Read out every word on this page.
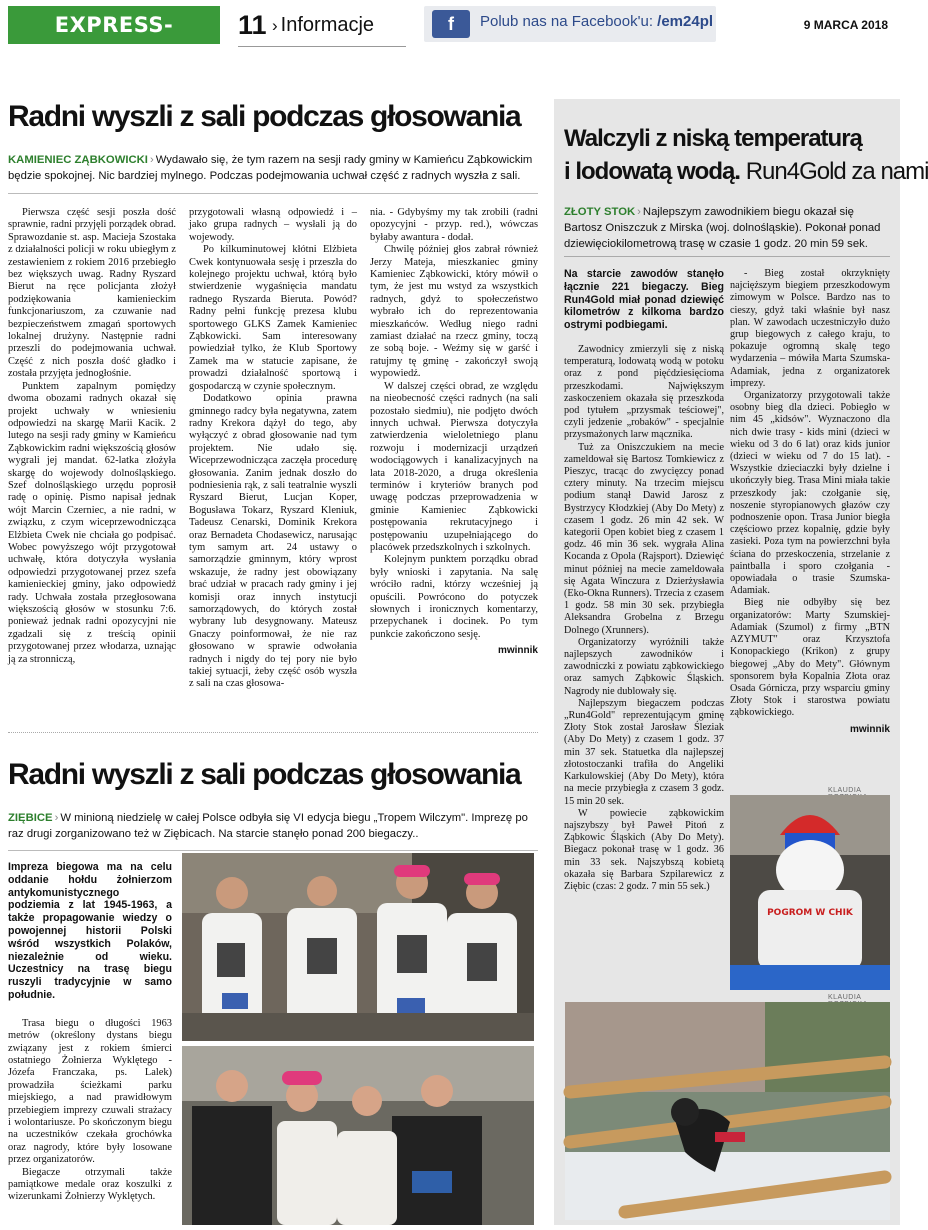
EXPRESS-MIEJSKI.PL
11 › Informacje	f	Polub nas na Facebook'u: /em24pl	9 MARCA 2018
Radni wyszli z sali podczas głosowania
KAMIENIEC ZĄBKOWICKI › Wydawało się, że tym razem na sesji rady gminy w Kamieńcu Ząbkowickim będzie spokojnej. Nic bardziej mylnego. Podczas podejmowania uchwał część z radnych wyszła z sali.

Pierwsza część sesji poszła dość sprawnie, radni przyjęli porządek obrad. Sprawozdanie st. asp. Macieja Szostaka z działalności policji w roku ubiegłym z zestawieniem z rokiem 2016 przebiegło bez większych uwag. Radny Ryszard Bierut na ręce policjanta złożył podziękowania kamienieckim funkcjonariuszom, za czuwanie nad bezpieczeństwem zmagań sportowych lokalnej drużyny. Następnie radni przeszli do podejmowania uchwał. Część z nich poszła dość gładko i została przyjęta jednogłośnie.

Punktem zapalnym pomiędzy dwoma obozami radnych okazał się projekt uchwały w wniesieniu odpowiedzi na skargę Marii Kacik. 2 lutego na sesji rady gminy w Kamieńcu Ząbkowickim radni większością głosów wygrali jej mandat. 62-latka złożyła skargę do wojewody dolnośląskiego. Szef dolnośląskiego urzędu poprosił radę o opinię. Pismo napisał jednak wójt Marcin Czerniec, a nie radni, w związku, z czym wiceprzewodnicząca Elżbieta Cwek nie chciała go podpisać. Wobec powyższego wójt przygotował uchwałę, która dotyczyła wysłania odpowiedzi przygotowanej przez szefa kamienieckiej gminy, jako odpowiedź rady. Uchwała została przegłosowana większością głosów w stosunku 7:6. ponieważ jednak radni opozycyjni nie zgadzali się z treścią opinii przygotowanej przez włodarza, uznając ją za stronniczą,

przygotowali własną odpowiedź i – jako grupa radnych – wysłali ją do wojewody.

Po kilkuminutowej kłótni Elżbieta Cwek kontynuowała sesję i przeszła do kolejnego projektu uchwał, którą było stwierdzenie wygaśnięcia mandatu radnego Ryszarda Bieruta. Powód? Radny pełni funkcję prezesa klubu sportowego GLKS Zamek Kamieniec Ząbkowicki. Sam interesowany powiedział tylko, że Klub Sportowy Zamek ma w statucie zapisane, że prowadzi działalność sportową i gospodarczą w czynie społecznym.

Dodatkowo opinia prawna gminnego radcy była negatywna, zatem radny Krekora dążył do tego, aby wyłączyć z obrad głosowanie nad tym projektem. Nie udało się. Wiceprzewodnicząca zaczęła procedurę głosowania. Zanim jednak doszło do podniesienia rąk, z sali teatralnie wyszli Ryszard Bierut, Lucjan Koper, Bogusława Tokarz, Ryszard Kleniuk, Tadeusz Cenarski, Dominik Krekora oraz Bernadeta Chodasewicz, narusając tym samym art. 24 ustawy o samorządzie gminnym, który wprost wskazuje, że radny jest obowiązany brać udział w pracach rady gminy i jej komisji oraz innych instytucji samorządowych, do których został wybrany lub desygnowany. Mateusz Gnaczy poinformował, że nie raz głosowano w sprawie odwołania radnych i nigdy do tej pory nie było takiej sytuacji, żeby część osób wyszła z sali na czas głosowa-

nia. - Gdybyśmy my tak zrobili (radni opozycyjni - przyp. red.), wówczas byłaby awantura - dodał.

Chwilę później głos zabrał również Jerzy Mateja, mieszkaniec gminy Kamieniec Ząbkowicki, który mówił o tym, że jest mu wstyd za wszystkich radnych, gdyż to społeczeństwo wybrało ich do reprezentowania mieszkańców. Według niego radni zamiast działać na rzecz gminy, toczą ze sobą boje. - Weźmy się w garść i ratujmy tę gminę - zakończył swoją wypowiedź.

W dalszej części obrad, ze względu na nieobecność części radnych (na sali pozostało siedmiu), nie podjęto dwóch innych uchwał. Pierwsza dotyczyła zatwierdzenia wieloletniego planu rozwoju i modernizacji urządzeń wodociągowych i kanalizacyjnych na lata 2018-2020, a druga określenia terminów i kryteriów branych pod uwagę podczas przeprowadzenia w gminie Kamieniec Ząbkowicki postępowania rekrutacyjnego i postępowaniu uzupełniającego do placówek przedszkolnych i szkolnych.

Kolejnym punktem porządku obrad były wnioski i zapytania. Na salę wróciło radni, którzy wcześniej ją opuścili. Powrócono do potyczek słownych i ironicznych komentarzy, przepychanek i docinek. Po tym punkcie zakończono sesję.

mwinnik

Radni wyszli z sali podczas głosowania
ZIĘBICE › W minioną niedzielę w całej Polsce odbyła się VI edycja biegu „Tropem Wilczym". Imprezę po raz drugi zorganizowano też w Ziębicach. Na starcie stanęło ponad 200 biegaczy..

Impreza biegowa ma na celu oddanie hołdu żołnierzom antykomunistycznego podziemia z lat 1945-1963, a także propagowanie wiedzy o powojennej historii Polski wśród wszystkich Polaków, niezależnie od wieku. Uczestnicy na trasę biegu ruszyli tradycyjnie w samo południe.

Trasa biegu o długości 1963 metrów (określony dystans biegu związany jest z rokiem śmierci ostatniego Żołnierza Wyklętego - Józefa Franczaka, ps. Lalek) prowadziła ścieżkami parku miejskiego, a nad prawidłowym przebiegiem imprezy czuwali strażacy i wolontariusze. Po skończonym biegu na uczestników czekała grochówka oraz nagrody, które były losowane przez organizatorów.

Biegacze otrzymali także pamiątkowe medale oraz koszulki z wizerunkami Żołnierzy Wyklętych.

Walczyli z niską temperaturą
i lodowatą wodą. Run4Gold za nami
ZŁOTY STOK › Najlepszym zawodnikiem biegu okazał się Bartosz Oniszczuk z Mirska (woj. dolnośląskie). Pokonał ponad dziewięciokilometrową trasę w czasie 1 godz. 20 min 59 sek.

Na starcie zawodów stanęło łącznie 221 biegaczy. Bieg Run4Gold miał ponad dziewięć kilometrów z kilkoma bardzo ostrymi podbiegami.

Zawodnicy zmierzyli się z niską temperaturą, lodowatą wodą w potoku oraz z pond pięćdziesięcioma przeszkodami. Największym zaskoczeniem okazała się przeszkoda pod tytułem „przysmak teściowej", czyli jedzenie „robaków" - specjalnie przysmażonych larw mącznika.

Tuż za Oniszczukiem na mecie zameldował się Bartosz Tomkiewicz z Pieszyc, tracąc do zwycięzcy ponad cztery minuty. Na trzecim miejscu podium stanął Dawid Jarosz z Bystrzycy Kłodzkiej (Aby Do Mety) z czasem 1 godz. 26 min 42 sek. W kategorii Open kobiet bieg z czasem 1 godz. 46 min 36 sek. wygrała Alina Kocanda z Opola (Rajsport). Dziewięć minut później na mecie zameldowała się Agata Winczura z Dzierżysławia (Eko-Okna Runners). Trzecia z czasem 1 godz. 58 min 30 sek. przybiegła Aleksandra Grobelna z Brzegu Dolnego (Xrunners).

Organizatorzy wyróżnili także najlepszych zawodników i zawodniczki z powiatu ząbkowickiego oraz samych Ząbkowic Śląskich. Nagrody nie dublowały się.

Najlepszym biegaczem podczas „Run4Gold" reprezentującym gminę Złoty Stok został Jarosław Śleziak (Aby Do Mety) z czasem 1 godz. 37 min 37 sek. Statuetka dla najlepszej złotostoczanki trafiła do Angeliki Karkulowskiej (Aby Do Mety), która na mecie przybiegła z czasem 3 godz. 15 min 20 sek.

W powiecie ząbkowickim najszybszy był Paweł Pitoń z Ząbkowic Śląskich (Aby Do Mety). Biegacz pokonał trasę w 1 godz. 36 min 33 sek. Najszybszą kobietą okazała się Barbara Szpilarewicz z Ziębic (czas: 2 godz. 7 min 55 sek.)

- Bieg został okrzyknięty najcięższym biegiem przeszkodowym zimowym w Polsce. Bardzo nas to cieszy, gdyż taki właśnie był nasz plan. W zawodach uczestniczyło dużo grup biegowych z całego kraju, to pokazuje ogromną skalę tego wydarzenia – mówiła Marta Szumska-Adamiak, jedna z organizatorek imprezy.

Organizatorzy przygotowali także osobny bieg dla dzieci. Pobiegło w nim 45 „kidsów". Wyznaczono dla nich dwie trasy - kids mini (dzieci w wieku od 3 do 6 lat) oraz kids junior (dzieci w wieku od 7 do 15 lat). - Wszystkie dzieciaczki były dzielne i ukończyły bieg. Trasa Mini miała takie przeszkody jak: czołganie się, noszenie styropianowych głazów czy podnoszenie opon. Trasa Junior biegła częściowo przez kopalnię, gdzie były zasieki. Poza tym na powierzchni była ściana do przeskoczenia, strzelanie z paintballa i sporo czołgania - opowiadała o trasie Szumska-Adamiak.

Bieg nie odbyłby się bez organizatorów: Marty Szumskiej-Adamiak (Szumol) z firmy „BTN AZYMUT" oraz Krzysztofa Konopackiego (Krikon) z grupy biegowej „Aby do Mety". Głównym sponsorem była Kopalnia Złota oraz Osada Górnicza, przy wsparciu gminy Złoty Stok i starostwa powiatu ząbkowickiego.

mwinnik

KLAUDIA
POGROM W CHIK
KLAUDIA
